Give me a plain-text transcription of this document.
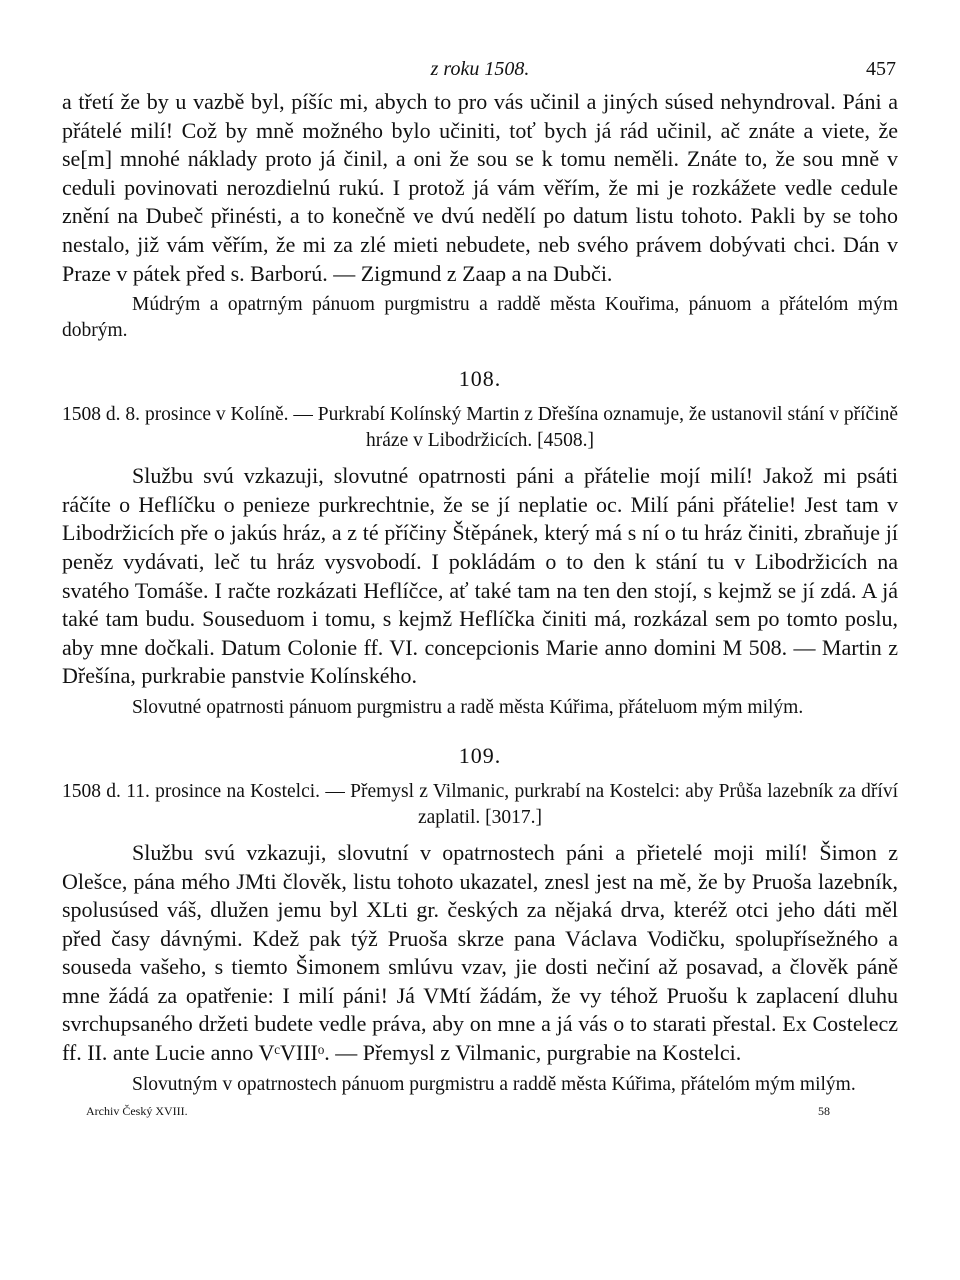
z roku 1508.	457

a třetí že by u vazbě byl, píšíc mi, abych to pro vás učinil a jiných súsed nehyndroval. Páni a přátelé milí! Což by mně možného bylo učiniti, toť bych já rád učinil, ač znáte a viete, že se[m] mnohé náklady proto já činil, a oni že sou se k tomu neměli. Znáte to, že sou mně v ceduli povinovati nerozdielnú rukú. I protož já vám věřím, že mi je rozkážete vedle cedule znění na Dubeč přinésti, a to konečně ve dvú nedělí po datum listu tohoto. Pakli by se toho nestalo, již vám věřím, že mi za zlé mieti nebudete, neb svého právem dobývati chci. Dán v Praze v pátek před s. Barború. — Zigmund z Zaap a na Dubči.

Múdrým a opatrným pánuom purgmistru a raddě města Kouřima, pánuom a přátelóm mým dobrým.

108.

1508 d. 8. prosince v Kolíně. — Purkrabí Kolínský Martin z Dřešína oznamuje, že ustanovil stání v příčině hráze v Libodržicích. [4508.]

Službu svú vzkazuji, slovutné opatrnosti páni a přátelie mojí milí! Jakož mi psáti ráčíte o Heflíčku o penieze purkrechtnie, že se jí neplatie oc. Milí páni přátelie! Jest tam v Libodržicích pře o jakús hráz, a z té příčiny Štěpánek, který má s ní o tu hráz činiti, zbraňuje jí peněz vydávati, leč tu hráz vysvobodí. I pokládám o to den k stání tu v Libodržicích na svatého Tomáše. I račte rozkázati Heflíčce, ať také tam na ten den stojí, s kejmž se jí zdá. A já také tam budu. Souseduom i tomu, s kejmž Heflíčka činiti má, rozkázal sem po tomto poslu, aby mne dočkali. Datum Colonie ff. VI. concepcionis Marie anno domini M 508. — Martin z Dřešína, purkrabie panstvie Kolínského.

Slovutné opatrnosti pánuom purgmistru a radě města Kúřima, přáteluom mým milým.

109.

1508 d. 11. prosince na Kostelci. — Přemysl z Vilmanic, purkrabí na Kostelci: aby Průša lazebník za dříví zaplatil. [3017.]

Službu svú vzkazuji, slovutní v opatrnostech páni a přietelé moji milí! Šimon z Olešce, pána mého JMti člověk, listu tohoto ukazatel, znesl jest na mě, že by Pruoša lazebník, spolusúsed váš, dlužen jemu byl XLti gr. českých za nějaká drva, kteréž otci jeho dáti měl před časy dávnými. Kdež pak týž Pruoša skrze pana Václava Vodičku, spolupřísežného a souseda vašeho, s tiemto Šimonem smlúvu vzav, jie dosti nečiní až posavad, a člověk páně mne žádá za opatřenie: I milí páni! Já VMtí žádám, že vy téhož Pruošu k zaplacení dluhu svrchupsaného držeti budete vedle práva, aby on mne a já vás o to starati přestal. Ex Costelecz ff. II. ante Lucie anno VᶜVIIIᵒ. — Přemysl z Vilmanic, purgrabie na Kostelci.

Slovutným v opatrnostech pánuom purgmistru a raddě města Kúřima, přátelóm mým milým.

Archiv Český XVIII.	58
